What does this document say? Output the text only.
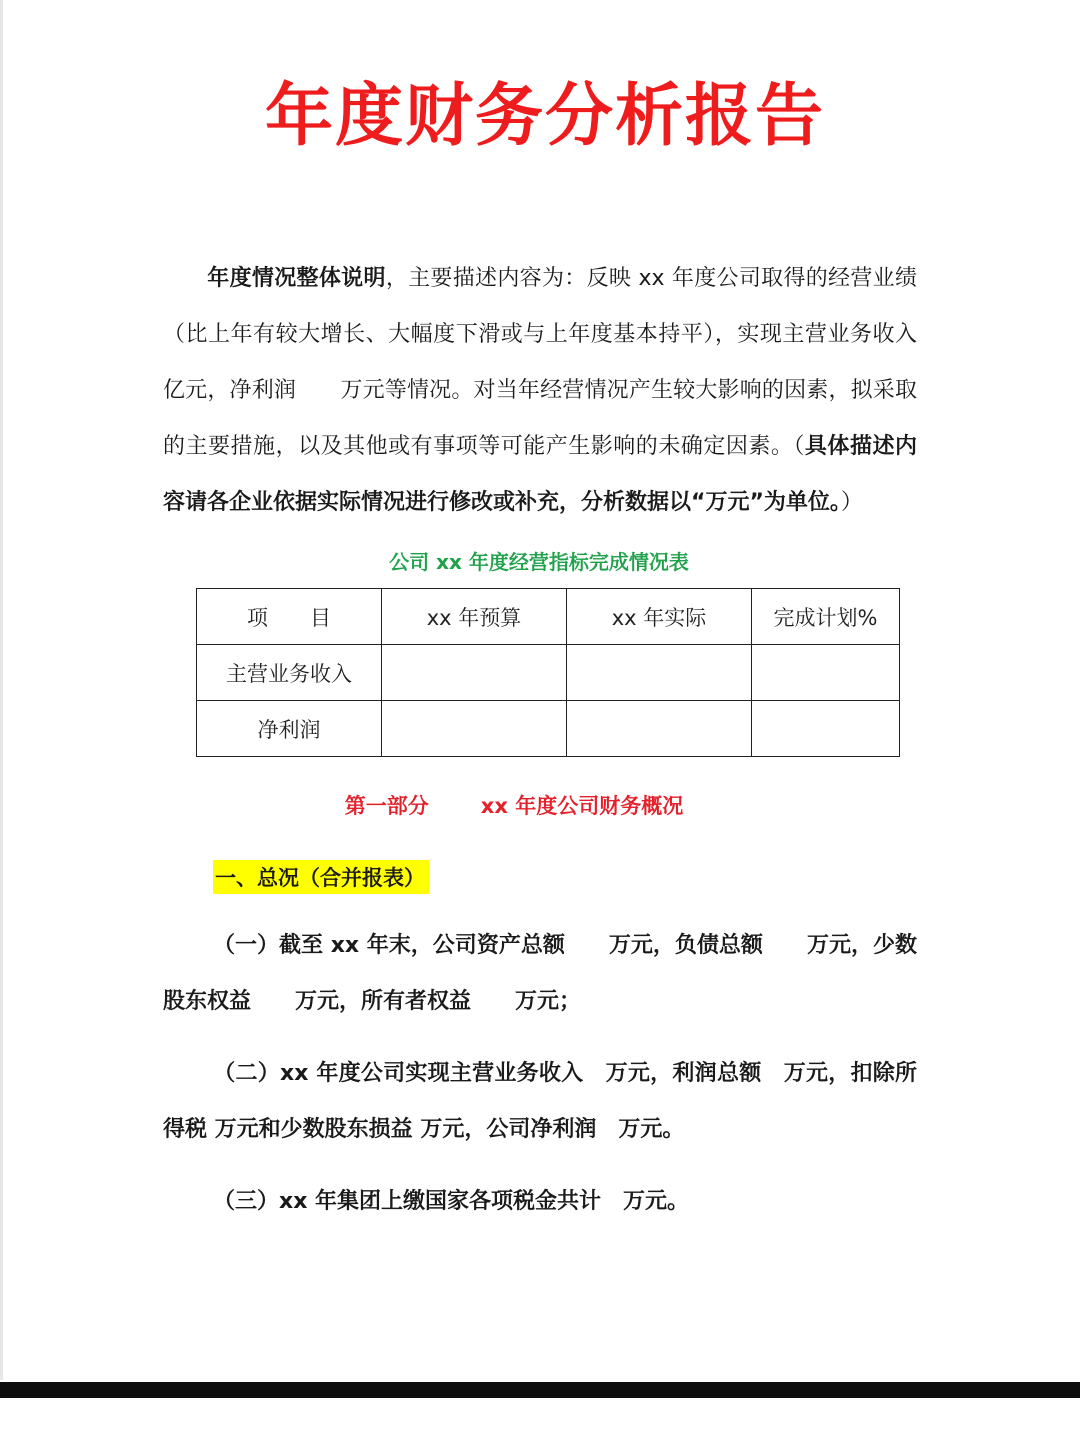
年度财务分析报告

年度情况整体说明，主要描述内容为：反映 xx 年度公司取得的经营业绩（比上年有较大增长、大幅度下滑或与上年度基本持平），实现主营业务收入　　亿元，净利润　　万元等情况。对当年经营情况产生较大影响的因素，拟采取的主要措施，以及其他或有事项等可能产生影响的未确定因素。（具体描述内容请各企业依据实际情况进行修改或补充，分析数据以“万元”为单位。）

公司 xx 年度经营指标完成情况表
项　　目	xx 年预算	xx 年实际	完成计划%
主营业务收入			
净利润			
第一部分 xx 年度公司财务概况
一、总况（合并报表）

（一）截至 xx 年末，公司资产总额　　万元，负债总额　　万元，少数股东权益　　万元，所有者权益　　万元；

（二）xx 年度公司实现主营业务收入　万元，利润总额　万元，扣除所得税 万元和少数股东损益 万元，公司净利润　万元。

（三）xx 年集团上缴国家各项税金共计　万元。
